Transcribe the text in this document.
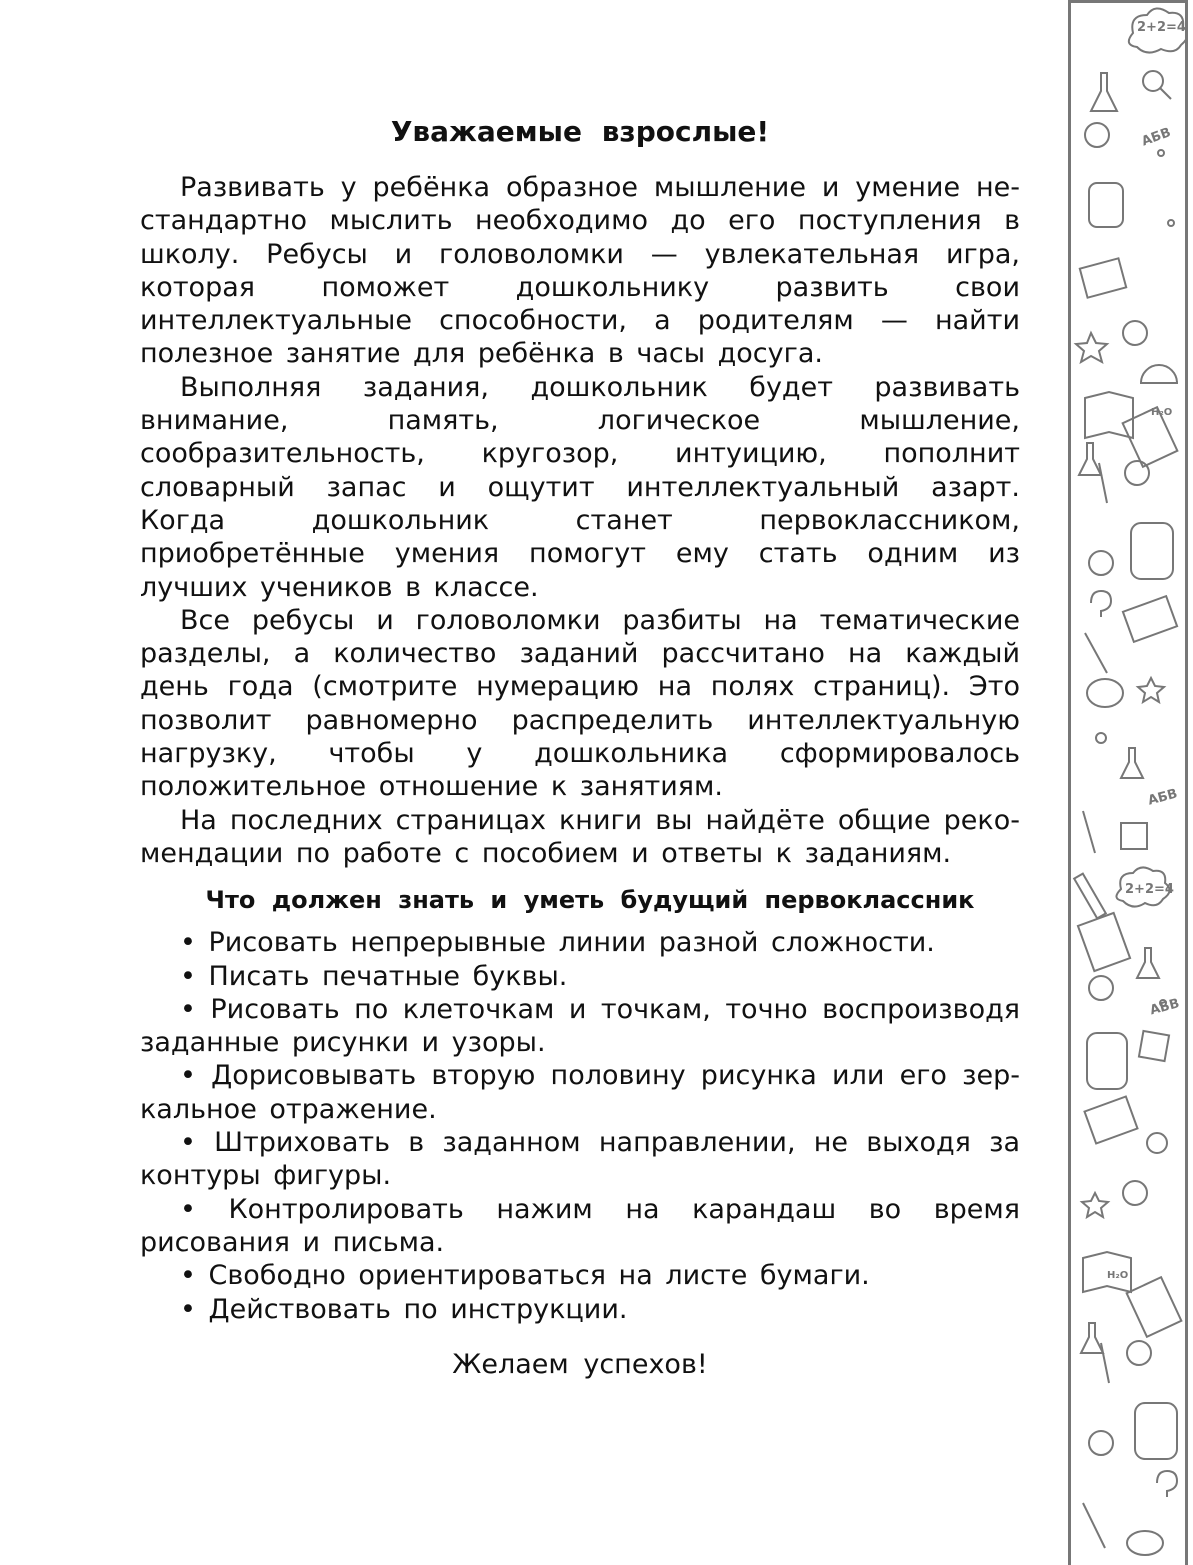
Уважаемые взрослые!

Развивать у ребёнка образное мышление и умение нестандартно мыслить необходимо до его поступления в школу. Ребусы и головоломки — увлекательная игра, которая поможет дошкольнику развить свои интеллектуальные способности, а родителям — найти полезное занятие для ребёнка в часы досуга.

Выполняя задания, дошкольник будет развивать внимание, память, логическое мышление, сообразительность, кругозор, интуицию, пополнит словарный запас и ощутит интеллектуальный азарт. Когда дошкольник станет первоклассником, приобретённые умения помогут ему стать одним из лучших учеников в классе.

Все ребусы и головоломки разбиты на тематические разделы, а количество заданий рассчитано на каждый день года (смотрите нумерацию на полях страниц). Это позволит равномерно распределить интеллектуальную нагрузку, чтобы у дошкольника сформировалось положительное отношение к занятиям.

На последних страницах книги вы найдёте общие рекомендации по работе с пособием и ответы к заданиям.

Что должен знать и уметь будущий первоклассник

• Рисовать непрерывные линии разной сложности.

• Писать печатные буквы.

• Рисовать по клеточкам и точкам, точно воспроизводя заданные рисунки и узоры.

• Дорисовывать вторую половину рисунка или его зеркальное отражение.

• Штриховать в заданном направлении, не выходя за контуры фигуры.

• Контролировать нажим на карандаш во время рисования и письма.

• Свободно ориентироваться на листе бумаги.

• Действовать по инструкции.

Желаем успехов!

2+2=4
АБВ
H₂O
АБВ
2+2=4
АБВ
H₂O
